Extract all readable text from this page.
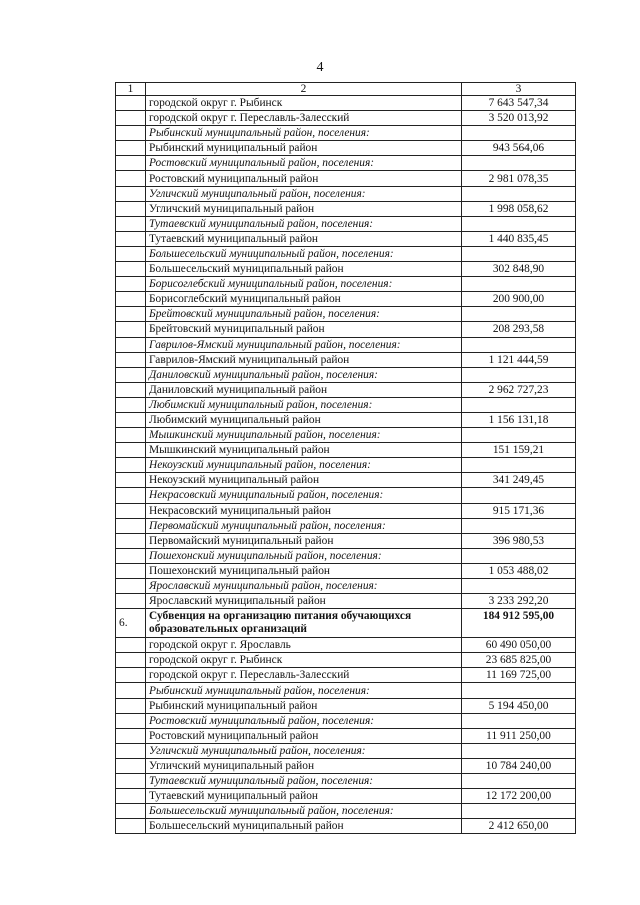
4
1	2	3
	городской округ г. Рыбинск	7 643 547,34
	городской округ г. Переславль-Залесский	3 520 013,92
	Рыбинский муниципальный район, поселения:	
	Рыбинский муниципальный район	943 564,06
	Ростовский муниципальный район, поселения:	
	Ростовский муниципальный район	2 981 078,35
	Угличский муниципальный район, поселения:	
	Угличский муниципальный район	1 998 058,62
	Тутаевский муниципальный район, поселения:	
	Тутаевский муниципальный район	1 440 835,45
	Большесельский муниципальный район, поселения:	
	Большесельский муниципальный район	302 848,90
	Борисоглебский муниципальный район, поселения:	
	Борисоглебский муниципальный район	200 900,00
	Брейтовский муниципальный район, поселения:	
	Брейтовский муниципальный район	208 293,58
	Гаврилов-Ямский муниципальный район, поселения:	
	Гаврилов-Ямский муниципальный район	1 121 444,59
	Даниловский муниципальный район, поселения:	
	Даниловский муниципальный район	2 962 727,23
	Любимский муниципальный район, поселения:	
	Любимский муниципальный район	1 156 131,18
	Мышкинский муниципальный район, поселения:	
	Мышкинский муниципальный район	151 159,21
	Некоузский муниципальный район, поселения:	
	Некоузский муниципальный район	341 249,45
	Некрасовский муниципальный район, поселения:	
	Некрасовский муниципальный район	915 171,36
	Первомайский муниципальный район, поселения:	
	Первомайский муниципальный район	396 980,53
	Пошехонский муниципальный район, поселения:	
	Пошехонский муниципальный район	1 053 488,02
	Ярославский муниципальный район, поселения:	
	Ярославский муниципальный район	3 233 292,20
6.	Субвенция на организацию питания обучающихся образовательных организаций	184 912 595,00
	городской округ г. Ярославль	60 490 050,00
	городской округ г. Рыбинск	23 685 825,00
	городской округ г. Переславль-Залесский	11 169 725,00
	Рыбинский муниципальный район, поселения:	
	Рыбинский муниципальный район	5 194 450,00
	Ростовский муниципальный район, поселения:	
	Ростовский муниципальный район	11 911 250,00
	Угличский муниципальный район, поселения:	
	Угличский муниципальный район	10 784 240,00
	Тутаевский муниципальный район, поселения:	
	Тутаевский муниципальный район	12 172 200,00
	Большесельский муниципальный район, поселения:	
	Большесельский муниципальный район	2 412 650,00
